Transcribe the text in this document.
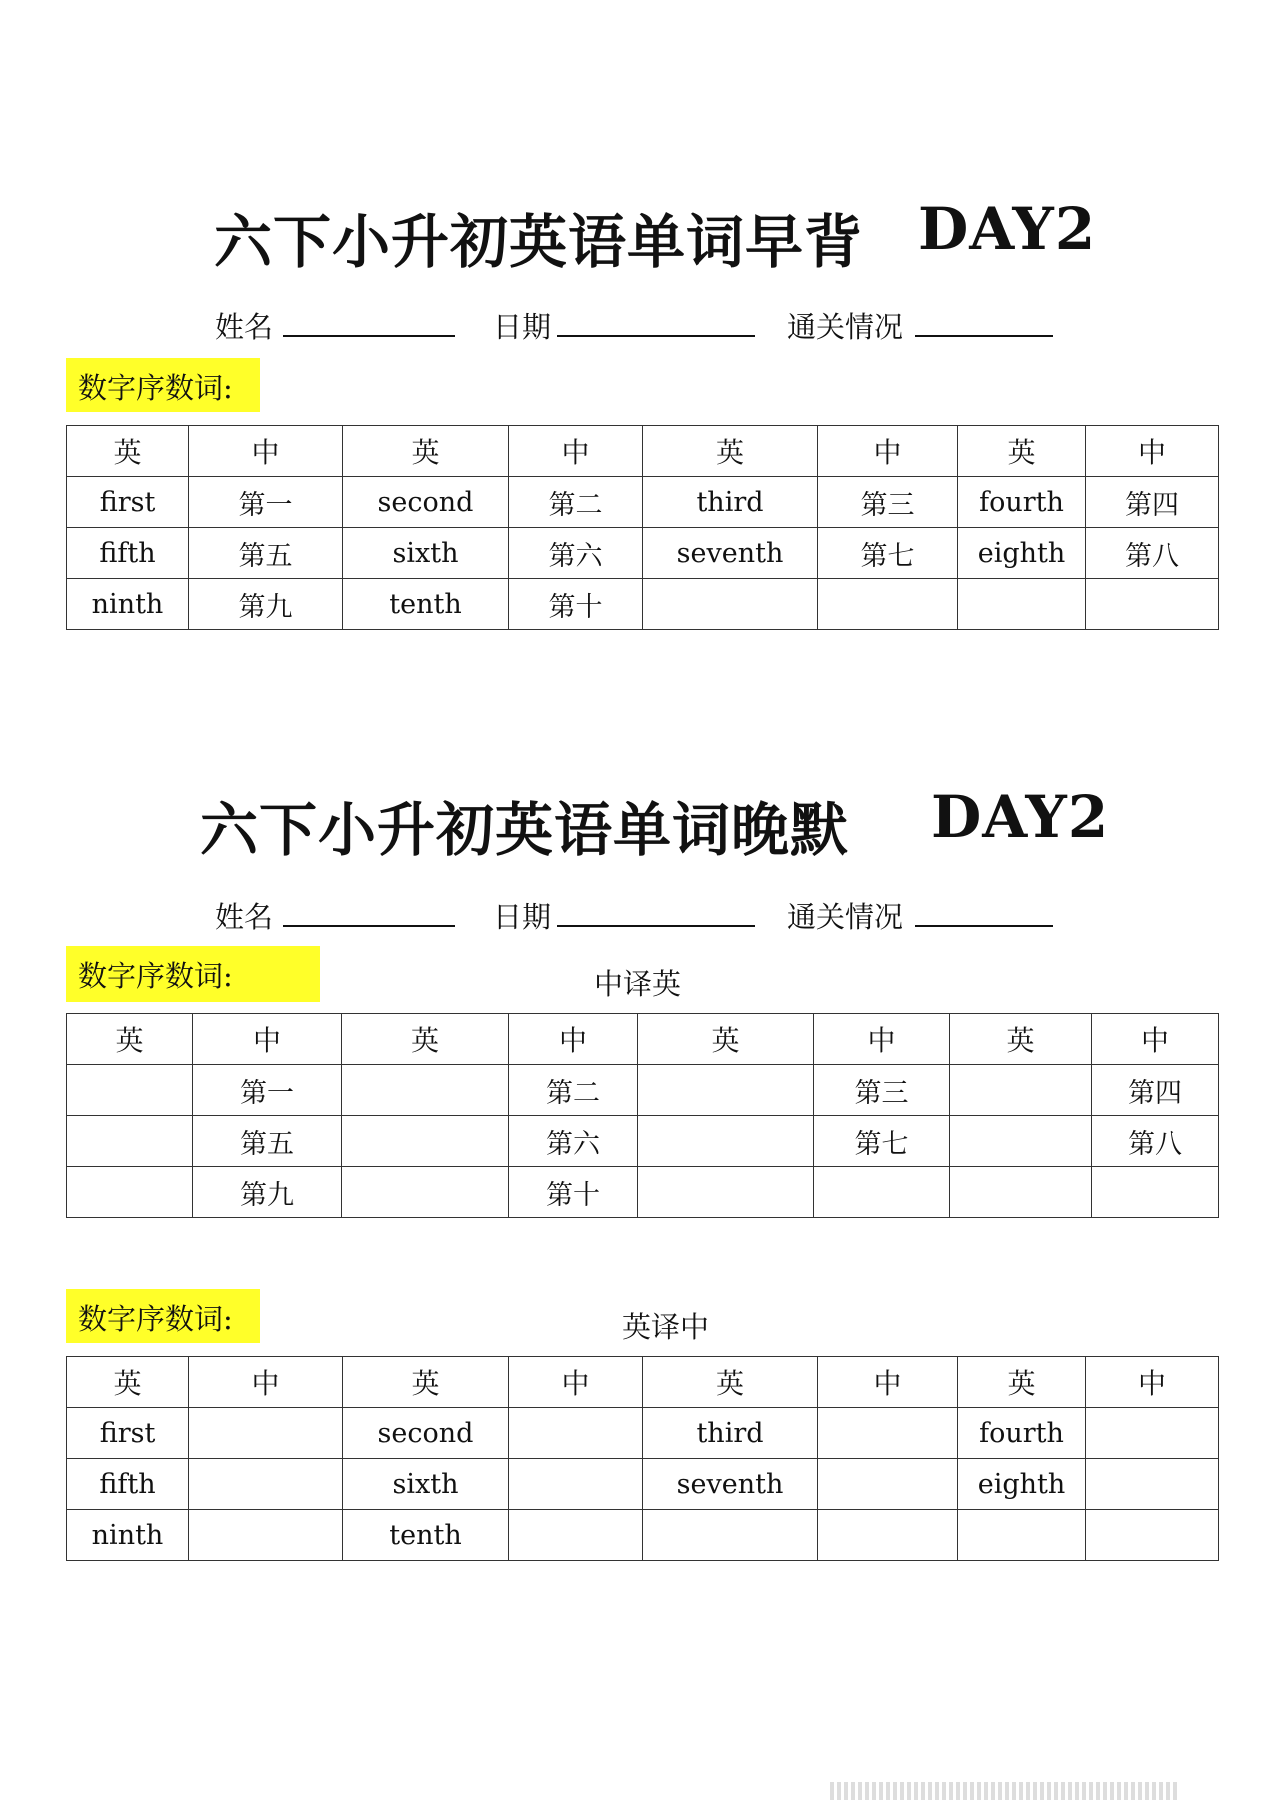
六下小升初英语单词早背 DAY2
姓名	日期	通关情况
数字序数词:
英	中	英	中	英	中	英	中
first	第一	second	第二	third	第三	fourth	第四
fifth	第五	sixth	第六	seventh	第七	eighth	第八
ninth	第九	tenth	第十				
六下小升初英语单词晚默 DAY2
姓名	日期	通关情况
数字序数词:	中译英
英	中	英	中	英	中	英	中
	第一		第二		第三		第四
	第五		第六		第七		第八
	第九		第十				
数字序数词:	英译中
英	中	英	中	英	中	英	中
first		second		third		fourth	
fifth		sixth		seventh		eighth	
ninth		tenth					
